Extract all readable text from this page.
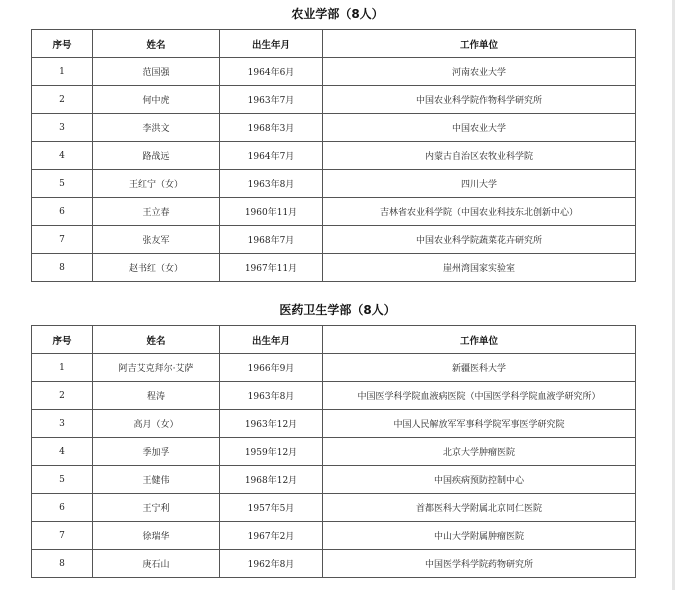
农业学部（8人）
序号	姓名	出生年月	工作单位
1	范国强	1964年6月	河南农业大学
2	何中虎	1963年7月	中国农业科学院作物科学研究所
3	李洪文	1968年3月	中国农业大学
4	路战远	1964年7月	内蒙古自治区农牧业科学院
5	王红宁（女）	1963年8月	四川大学
6	王立春	1960年11月	吉林省农业科学院（中国农业科技东北创新中心）
7	张友军	1968年7月	中国农业科学院蔬菜花卉研究所
8	赵书红（女）	1967年11月	崖州湾国家实验室
医药卫生学部（8人）
序号	姓名	出生年月	工作单位
1	阿吉艾克拜尔·艾萨	1966年9月	新疆医科大学
2	程涛	1963年8月	中国医学科学院血液病医院（中国医学科学院血液学研究所）
3	高月（女）	1963年12月	中国人民解放军军事科学院军事医学研究院
4	季加孚	1959年12月	北京大学肿瘤医院
5	王健伟	1968年12月	中国疾病预防控制中心
6	王宁利	1957年5月	首都医科大学附属北京同仁医院
7	徐瑞华	1967年2月	中山大学附属肿瘤医院
8	庚石山	1962年8月	中国医学科学院药物研究所
